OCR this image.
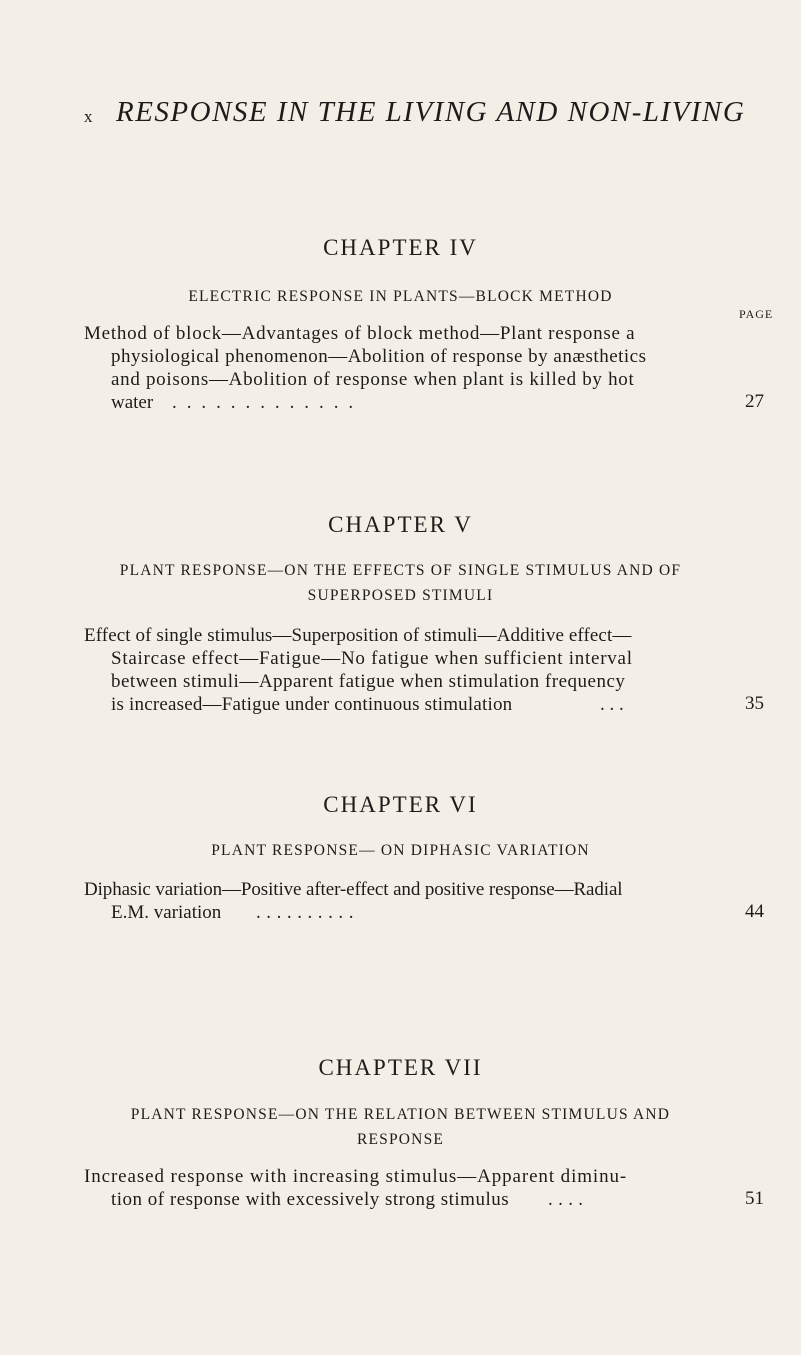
x RESPONSE IN THE LIVING AND NON-LIVING
CHAPTER IV
ELECTRIC RESPONSE IN PLANTS—BLOCK METHOD
PAGE
Method of block—Advantages of block method—Plant response a
physiological phenomenon—Abolition of response by anæsthetics
and poisons—Abolition of response when plant is killed by hot
water . . . . . . . . . . . . .	27
CHAPTER V
PLANT RESPONSE—ON THE EFFECTS OF SINGLE STIMULUS AND OF SUPERPOSED STIMULI
Effect of single stimulus—Superposition of stimuli—Additive effect—
Staircase effect—Fatigue—No fatigue when sufficient interval
between stimuli—Apparent fatigue when stimulation frequency
is increased—Fatigue under continuous stimulation	. . .	35
CHAPTER VI
PLANT RESPONSE— ON DIPHASIC VARIATION
Diphasic variation—Positive after-effect and positive response—Radial
E.M. variation . . . . . . . . . .	44
CHAPTER VII
PLANT RESPONSE—ON THE RELATION BETWEEN STIMULUS AND RESPONSE
Increased response with increasing stimulus—Apparent diminu-
tion of response with excessively strong stimulus . . . .	51
